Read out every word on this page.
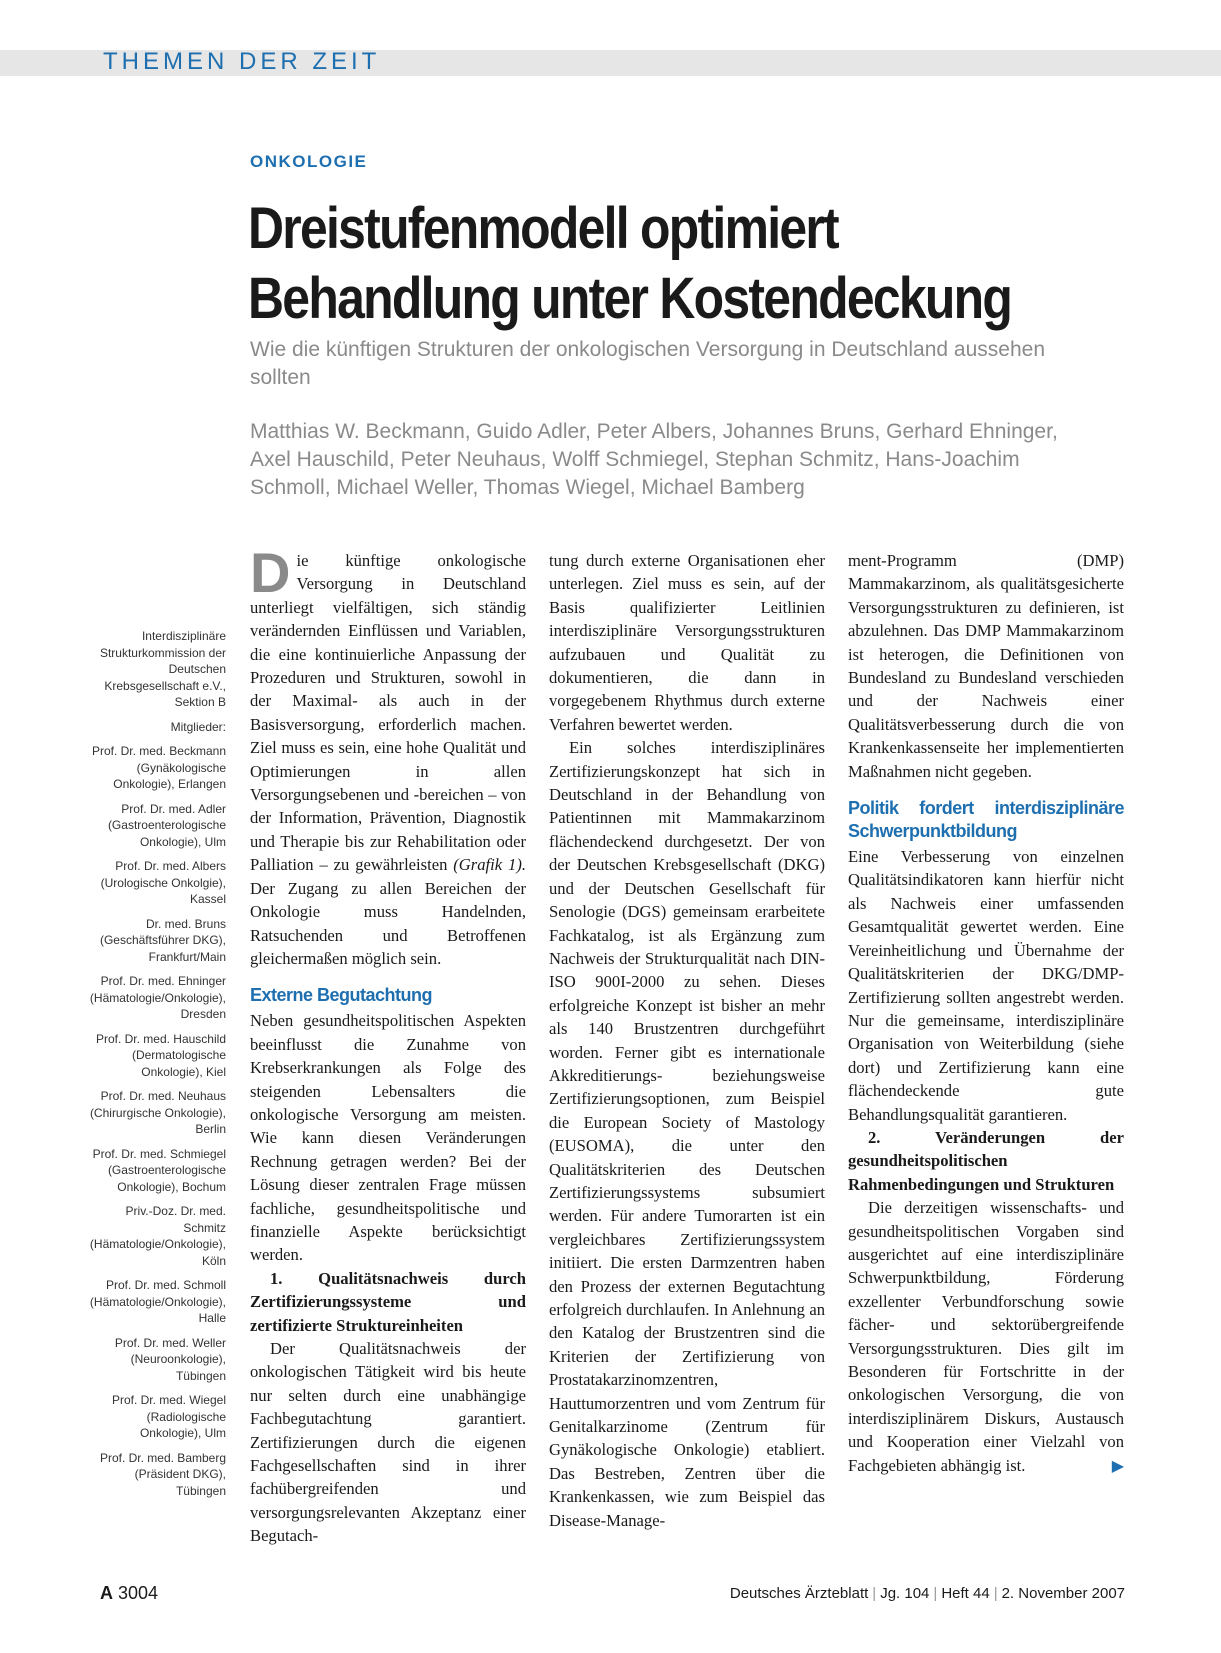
THEMEN DER ZEIT
ONKOLOGIE
Dreistufenmodell optimiert
Behandlung unter Kostendeckung
Wie die künftigen Strukturen der onkologischen Versorgung in Deutschland aussehen sollten
Matthias W. Beckmann, Guido Adler, Peter Albers, Johannes Bruns, Gerhard Ehninger, Axel Hauschild, Peter Neuhaus, Wolff Schmiegel, Stephan Schmitz, Hans-Joachim Schmoll, Michael Weller, Thomas Wiegel, Michael Bamberg

Interdisziplinäre Strukturkommission der Deutschen Krebsgesellschaft e.V., Sektion B

Mitglieder:

Prof. Dr. med. Beckmann (Gynäkologische Onkologie), Erlangen

Prof. Dr. med. Adler (Gastroenterologische Onkologie), Ulm

Prof. Dr. med. Albers (Urologische Onkolgie), Kassel

Dr. med. Bruns (Geschäftsführer DKG), Frankfurt/Main

Prof. Dr. med. Ehninger (Hämatologie/Onkologie), Dresden

Prof. Dr. med. Hauschild (Dermatologische Onkologie), Kiel

Prof. Dr. med. Neuhaus (Chirurgische Onkologie), Berlin

Prof. Dr. med. Schmiegel (Gastroenterologische Onkologie), Bochum

Priv.-Doz. Dr. med. Schmitz (Hämatologie/Onkologie), Köln

Prof. Dr. med. Schmoll (Hämatologie/Onkologie), Halle

Prof. Dr. med. Weller (Neuroonkologie), Tübingen

Prof. Dr. med. Wiegel (Radiologische Onkologie), Ulm

Prof. Dr. med. Bamberg (Präsident DKG), Tübingen

Die künftige onkologische Versorgung in Deutschland unterliegt vielfältigen, sich ständig verändernden Einflüssen und Variablen, die eine kontinuierliche Anpassung der Prozeduren und Strukturen, sowohl in der Maximal- als auch in der Basisversorgung, erforderlich machen. Ziel muss es sein, eine hohe Qualität und Optimierungen in allen Versorgungsebenen und -bereichen – von der Information, Prävention, Diagnostik und Therapie bis zur Rehabilitation oder Palliation – zu gewährleisten (Grafik 1). Der Zugang zu allen Bereichen der Onkologie muss Handelnden, Ratsuchenden und Betroffenen gleichermaßen möglich sein.

Externe Begutachtung

Neben gesundheitspolitischen Aspekten beeinflusst die Zunahme von Krebserkrankungen als Folge des steigenden Lebensalters die onkologische Versorgung am meisten. Wie kann diesen Veränderungen Rechnung getragen werden? Bei der Lösung dieser zentralen Frage müssen fachliche, gesundheitspolitische und finanzielle Aspekte berücksichtigt werden.

1. Qualitätsnachweis durch Zertifizierungssysteme und zertifizierte Struktureinheiten

Der Qualitätsnachweis der onkologischen Tätigkeit wird bis heute nur selten durch eine unabhängige Fachbegutachtung garantiert. Zertifizierungen durch die eigenen Fachgesellschaften sind in ihrer fachübergreifenden und versorgungsrelevanten Akzeptanz einer Begutach-

tung durch externe Organisationen eher unterlegen. Ziel muss es sein, auf der Basis qualifizierter Leitlinien interdisziplinäre Versorgungsstrukturen aufzubauen und Qualität zu dokumentieren, die dann in vorgegebenem Rhythmus durch externe Verfahren bewertet werden.

Ein solches interdisziplinäres Zertifizierungskonzept hat sich in Deutschland in der Behandlung von Patientinnen mit Mammakarzinom flächendeckend durchgesetzt. Der von der Deutschen Krebsgesellschaft (DKG) und der Deutschen Gesellschaft für Senologie (DGS) gemeinsam erarbeitete Fachkatalog, ist als Ergänzung zum Nachweis der Strukturqualität nach DIN-ISO 900I-2000 zu sehen. Dieses erfolgreiche Konzept ist bisher an mehr als 140 Brustzentren durchgeführt worden. Ferner gibt es internationale Akkreditierungs- beziehungsweise Zertifizierungsoptionen, zum Beispiel die European Society of Mastology (EUSOMA), die unter den Qualitätskriterien des Deutschen Zertifizierungssystems subsumiert werden. Für andere Tumorarten ist ein vergleichbares Zertifizierungssystem initiiert. Die ersten Darmzentren haben den Prozess der externen Begutachtung erfolgreich durchlaufen. In Anlehnung an den Katalog der Brustzentren sind die Kriterien der Zertifizierung von Prostatakarzinomzentren, Hauttumorzentren und vom Zentrum für Genitalkarzinome (Zentrum für Gynäkologische Onkologie) etabliert. Das Bestreben, Zentren über die Krankenkassen, wie zum Beispiel das Disease-Manage-

ment-Programm (DMP) Mammakarzinom, als qualitätsgesicherte Versorgungsstrukturen zu definieren, ist abzulehnen. Das DMP Mammakarzinom ist heterogen, die Definitionen von Bundesland zu Bundesland verschieden und der Nachweis einer Qualitätsverbesserung durch die von Krankenkassenseite her implementierten Maßnahmen nicht gegeben.

Politik fordert interdisziplinäre Schwerpunktbildung

Eine Verbesserung von einzelnen Qualitätsindikatoren kann hierfür nicht als Nachweis einer umfassenden Gesamtqualität gewertet werden. Eine Vereinheitlichung und Übernahme der Qualitätskriterien der DKG/DMP-Zertifizierung sollten angestrebt werden. Nur die gemeinsame, interdisziplinäre Organisation von Weiterbildung (siehe dort) und Zertifizierung kann eine flächendeckende gute Behandlungsqualität garantieren.

2. Veränderungen der gesundheitspolitischen Rahmenbedingungen und Strukturen

Die derzeitigen wissenschafts- und gesundheitspolitischen Vorgaben sind ausgerichtet auf eine interdisziplinäre Schwerpunktbildung, Förderung exzellenter Verbundforschung sowie fächer- und sektorübergreifende Versorgungsstrukturen. Dies gilt im Besonderen für Fortschritte in der onkologischen Versorgung, die von interdisziplinärem Diskurs, Austausch und Kooperation einer Vielzahl von Fachgebieten abhängig ist.	▶

A 3004	Deutsches Ärzteblatt | Jg. 104 | Heft 44 | 2. November 2007
